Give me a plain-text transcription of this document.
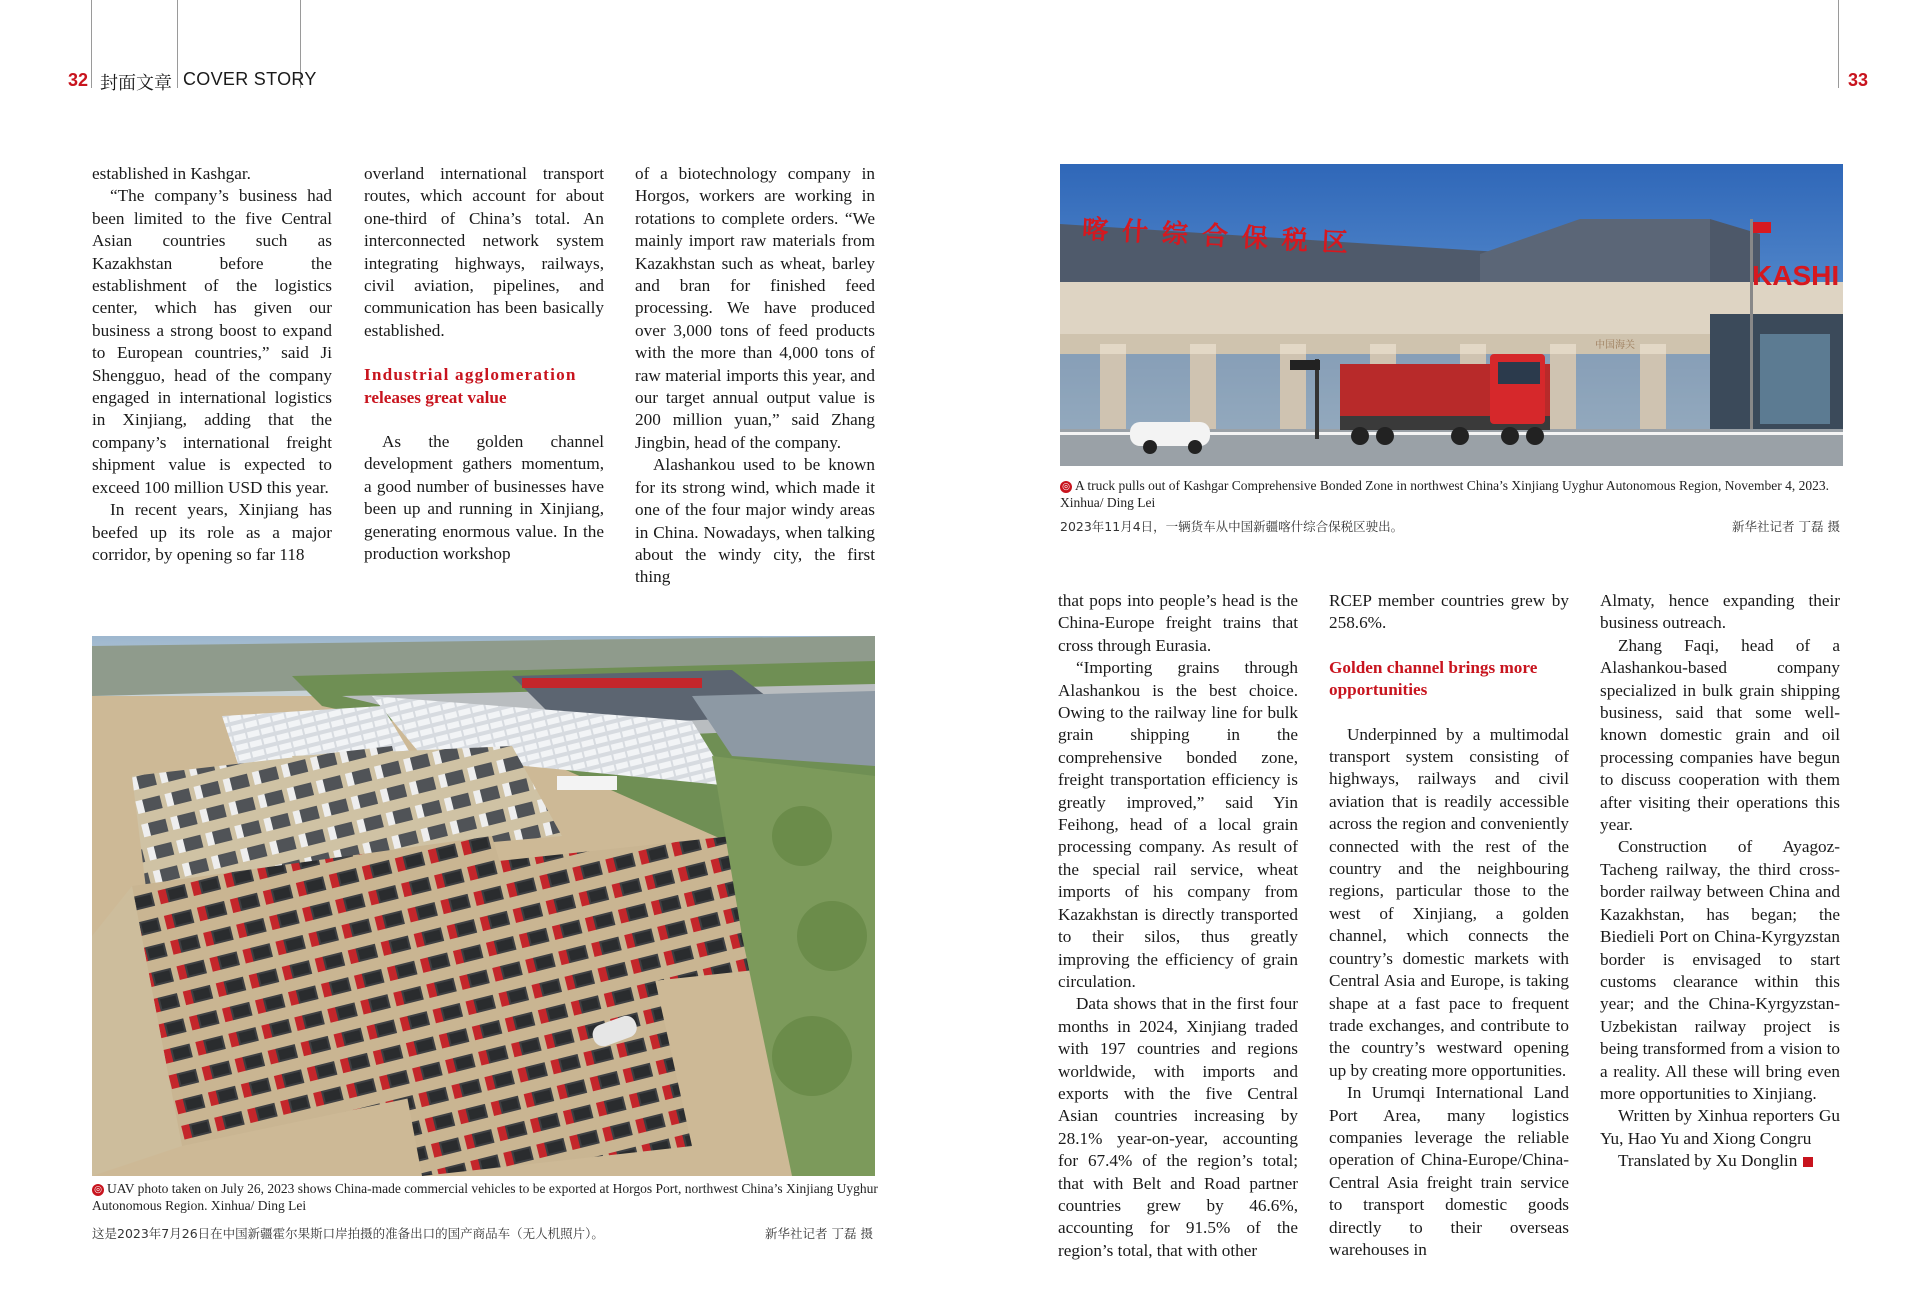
32 封面文章 COVER STORY	33

established in Kashgar.

“The company’s business had been limited to the five Central Asian countries such as Kazakhstan before the establishment of the logistics center, which has given our business a strong boost to expand to European countries,” said Ji Shengguo, head of the company engaged in international logistics in Xinjiang, adding that the company’s international freight shipment value is expected to exceed 100 million USD this year.

In recent years, Xinjiang has beefed up its role as a major corridor, by opening so far 118

overland international transport routes, which account for about one-third of China’s total. An interconnected network system integrating highways, railways, civil aviation, pipelines, and communication has been basically established.

Industrial agglomeration
releases great value

As the golden channel development gathers momentum, a good number of businesses have been up and running in Xinjiang, generating enormous value. In the production workshop

of a biotechnology company in Horgos, workers are working in rotations to complete orders. “We mainly import raw materials from Kazakhstan such as wheat, barley and bran for finished feed processing. We have produced over 3,000 tons of feed products with the more than 4,000 tons of raw material imports this year, and our target annual output value is 200 million yuan,” said Zhang Jingbin, head of the company.

Alashankou used to be known for its strong wind, which made it one of the four major windy areas in China. Nowadays, when talking about the windy city, the first thing

◎ UAV photo taken on July 26, 2023 shows China-made commercial vehicles to be exported at Horgos Port, northwest China’s Xinjiang Uyghur Autonomous Region. Xinhua/ Ding Lei
这是2023年7月26日在中国新疆霍尔果斯口岸拍摄的准备出口的国产商品车（无人机照片）。	新华社记者 丁磊 摄
喀什综合保税区
KASHI
中国海关
◎ A truck pulls out of Kashgar Comprehensive Bonded Zone in northwest China’s Xinjiang Uyghur Autonomous Region, November 4, 2023. Xinhua/ Ding Lei
2023年11月4日，一辆货车从中国新疆喀什综合保税区驶出。	新华社记者 丁磊 摄

that pops into people’s head is the China-Europe freight trains that cross through Eurasia.

“Importing grains through Alashankou is the best choice. Owing to the railway line for bulk grain shipping in the comprehensive bonded zone, freight transportation efficiency is greatly improved,” said Yin Feihong, head of a local grain processing company. As result of the special rail service, wheat imports of his company from Kazakhstan is directly transported to their silos, thus greatly improving the efficiency of grain circulation.

Data shows that in the first four months in 2024, Xinjiang traded with 197 countries and regions worldwide, with imports and exports with the five Central Asian countries increasing by 28.1% year-on-year, accounting for 67.4% of the region’s total; that with Belt and Road partner countries grew by 46.6%, accounting for 91.5% of the region’s total, that with other

RCEP member countries grew by 258.6%.

Golden channel brings more
opportunities

Underpinned by a multimodal transport system consisting of highways, railways and civil aviation that is readily accessible across the region and conveniently connected with the rest of the country and the neighbouring regions, particular those to the west of Xinjiang, a golden channel, which connects the country’s domestic markets with Central Asia and Europe, is taking shape at a fast pace to frequent trade exchanges, and contribute to the country’s westward opening up by creating more opportunities.

In Urumqi International Land Port Area, many logistics companies leverage the reliable operation of China-Europe/China-Central Asia freight train service to transport domestic goods directly to their overseas warehouses in

Almaty, hence expanding their business outreach.

Zhang Faqi, head of a Alashankou-based company specialized in bulk grain shipping business, said that some well-known domestic grain and oil processing companies have begun to discuss cooperation with them after visiting their operations this year.

Construction of Ayagoz-Tacheng railway, the third cross-border railway between China and Kazakhstan, has began; the Biedieli Port on China-Kyrgyzstan border is envisaged to start customs clearance within this year; and the China-Kyrgyzstan-Uzbekistan railway project is being transformed from a vision to a reality. All these will bring even more opportunities to Xinjiang.

Written by Xinhua reporters Gu Yu, Hao Yu and Xiong Congru

Translated by Xu Donglin
